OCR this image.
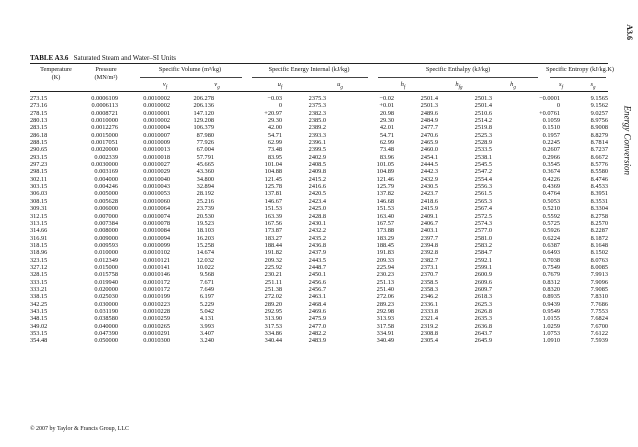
A3.6
Energy Conversion
TABLE A3.6 Saturated Steam and Water–SI Units
Temperature
(K)
Pressure
(MN/m²)
Specific Volume (m³/kg)	Specific Energy Internal (kJ/kg)	Specific Enthalpy (kJ/kg)	Specific Entropy (kJ/kg.K)
$v_f$	$v_g$	$u_f$	$u_g$	$h_f$	$h_{fg}$	$h_g$	$s_f$	$s_g$
273.15	0.0006109	0.0010002	206.278	−0.03	2375.3	−0.02	2501.4	2501.3	−0.0001	9.1565
273.16	0.0006113	0.0010002	206.136	0	2375.3	+0.01	2501.3	2501.4	0	9.1562
278.15	0.0008721	0.0010001	147.120	+20.97	2382.3	20.98	2489.6	2510.6	+0.0761	9.0257
280.13	0.0010000	0.0010002	129.208	29.30	2385.0	29.30	2484.9	2514.2	0.1059	8.9756
283.15	0.0012276	0.0010004	106.379	42.00	2389.2	42.01	2477.7	2519.8	0.1510	8.9008
286.18	0.0015000	0.0010007	87.980	54.71	2393.3	54.71	2470.6	2525.3	0.1957	8.8279
288.15	0.0017051	0.0010009	77.926	62.99	2396.1	62.99	2465.9	2528.9	0.2245	8.7814
290.65	0.0020000	0.0010013	67.004	73.48	2399.5	73.48	2460.0	2533.5	0.2607	8.7237
293.15	0.002339	0.0010018	57.791	83.95	2402.9	83.96	2454.1	2538.1	0.2966	8.6672
297.23	0.0030000	0.0010027	45.665	101.04	2408.5	101.05	2444.5	2545.5	0.3545	8.5776
298.15	0.003169	0.0010029	43.360	104.88	2409.8	104.89	2442.3	2547.2	0.3674	8.5580
302.11	0.004000	0.0010040	34.800	121.45	2415.2	121.46	2432.9	2554.4	0.4226	8.4746
303.15	0.004246	0.0010043	32.894	125.78	2416.6	125.79	2430.5	2556.3	0.4369	8.4533
306.03	0.005000	0.0010053	28.192	137.81	2420.5	137.82	2423.7	2561.5	0.4764	8.3951
308.15	0.005628	0.0010060	25.216	146.67	2423.4	146.68	2418.6	2565.3	0.5053	8.3531
309.31	0.006000	0.0010064	23.739	151.53	2425.0	151.53	2415.9	2567.4	0.5210	8.3304
312.15	0.007000	0.0010074	20.530	163.39	2428.8	163.40	2409.1	2572.5	0.5592	8.2758
313.15	0.007384	0.0010078	19.523	167.56	2430.1	167.57	2406.7	2574.3	0.5725	8.2570
314.66	0.008000	0.0010084	18.103	173.87	2432.2	173.88	2403.1	2577.0	0.5926	8.2287
316.91	0.009000	0.0010094	16.203	183.27	2435.2	183.29	2397.7	2581.0	0.6224	8.1872
318.15	0.009593	0.0010099	15.258	188.44	2436.8	188.45	2394.8	2583.2	0.6387	8.1648
318.96	0.010000	0.0010102	14.674	191.82	2437.9	191.83	2392.8	2584.7	0.6493	8.1502
323.15	0.012349	0.0010121	12.032	209.32	2443.5	209.33	2382.7	2592.1	0.7038	8.0763
327.12	0.015000	0.0010141	10.022	225.92	2448.7	225.94	2373.1	2599.1	0.7549	8.0085
328.15	0.015758	0.0010146	9.568	230.21	2450.1	230.23	2370.7	2600.9	0.7679	7.9913
333.15	0.019940	0.0010172	7.671	251.11	2456.6	251.13	2358.5	2609.6	0.8312	7.9096
333.21	0.020000	0.0010172	7.649	251.38	2456.7	251.40	2358.3	2609.7	0.8320	7.9085
338.15	0.025030	0.0010199	6.197	272.02	2463.1	272.06	2346.2	2618.3	0.8935	7.8310
342.25	0.030000	0.0010223	5.229	289.20	2468.4	289.23	2336.1	2625.3	0.9439	7.7686
343.15	0.031190	0.0010228	5.042	292.95	2469.6	292.98	2333.8	2626.8	0.9549	7.7553
348.15	0.038580	0.0010259	4.131	313.90	2475.9	313.93	2321.4	2635.3	1.0155	7.6824
349.02	0.040000	0.0010265	3.993	317.53	2477.0	317.58	2319.2	2636.8	1.0259	7.6700
353.15	0.047390	0.0010291	3.407	334.86	2482.2	334.91	2308.8	2643.7	1.0753	7.6122
354.48	0.050000	0.0010300	3.240	340.44	2483.9	340.49	2305.4	2645.9	1.0910	7.5939
© 2007 by Taylor & Francis Group, LLC
